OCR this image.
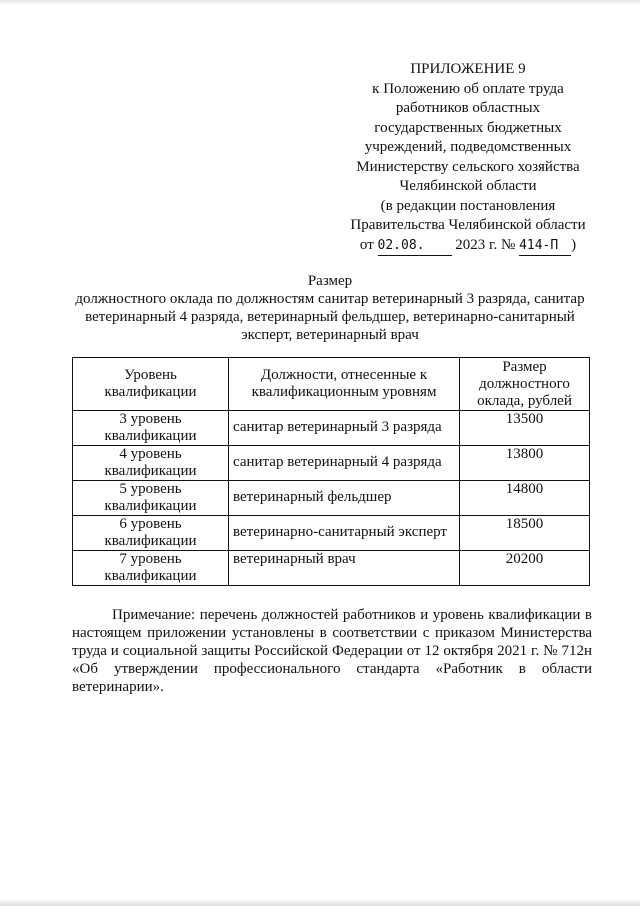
ПРИЛОЖЕНИЕ 9
к Положению об оплате труда
работников областных
государственных бюджетных
учреждений, подведомственных
Министерству сельского хозяйства
Челябинской области
(в редакции постановления
Правительства Челябинской области
от 02.08. 2023 г. № 414-П )
Размер
должностного оклада по должностям санитар ветеринарный 3 разряда, санитар
ветеринарный 4 разряда, ветеринарный фельдшер, ветеринарно-санитарный
эксперт, ветеринарный врач
Уровень квалификации	Должности, отнесенные к квалификационным уровням	Размер должностного оклада, рублей
3 уровень квалификации	санитар ветеринарный 3 разряда	13500
4 уровень квалификации	санитар ветеринарный 4 разряда	13800
5 уровень квалификации	ветеринарный фельдшер	14800
6 уровень квалификации	ветеринарно-санитарный эксперт	18500
7 уровень квалификации	ветеринарный врач	20200
Примечание: перечень должностей работников и уровень квалификации в настоящем приложении установлены в соответствии с приказом Министерства труда и социальной защиты Российской Федерации от 12 октября 2021 г. № 712н «Об утверждении профессионального стандарта «Работник в области ветеринарии».
